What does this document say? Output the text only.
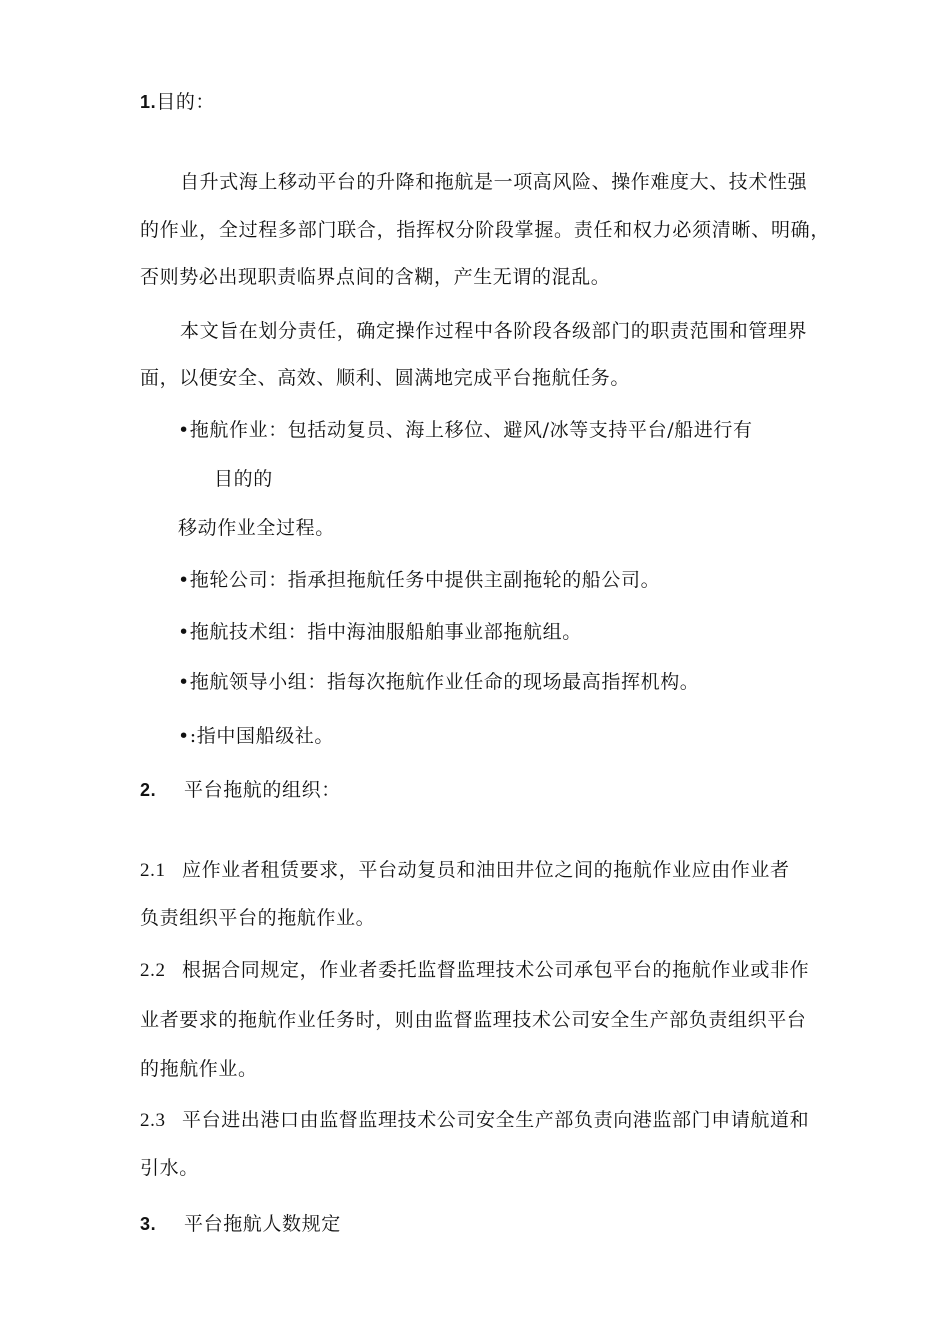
1.目的：
自升式海上移动平台的升降和拖航是一项高风险、操作难度大、技术性强
的作业，全过程多部门联合，指挥权分阶段掌握。责任和权力必须清晰、明确，
否则势必出现职责临界点间的含糊，产生无谓的混乱。
本文旨在划分责任，确定操作过程中各阶段各级部门的职责范围和管理界
面，以便安全、高效、顺利、圆满地完成平台拖航任务。
•拖航作业：包括动复员、海上移位、避风/冰等支持平台/船进行有
目的的
移动作业全过程。
•拖轮公司：指承担拖航任务中提供主副拖轮的船公司。
•拖航技术组：指中海油服船舶事业部拖航组。
•拖航领导小组：指每次拖航作业任命的现场最高指挥机构。
•:指中国船级社。
2. 平台拖航的组织：
2.1 应作业者租赁要求，平台动复员和油田井位之间的拖航作业应由作业者
负责组织平台的拖航作业。
2.2 根据合同规定，作业者委托监督监理技术公司承包平台的拖航作业或非作
业者要求的拖航作业任务时，则由监督监理技术公司安全生产部负责组织平台
的拖航作业。
2.3 平台进出港口由监督监理技术公司安全生产部负责向港监部门申请航道和
引水。
3. 平台拖航人数规定
